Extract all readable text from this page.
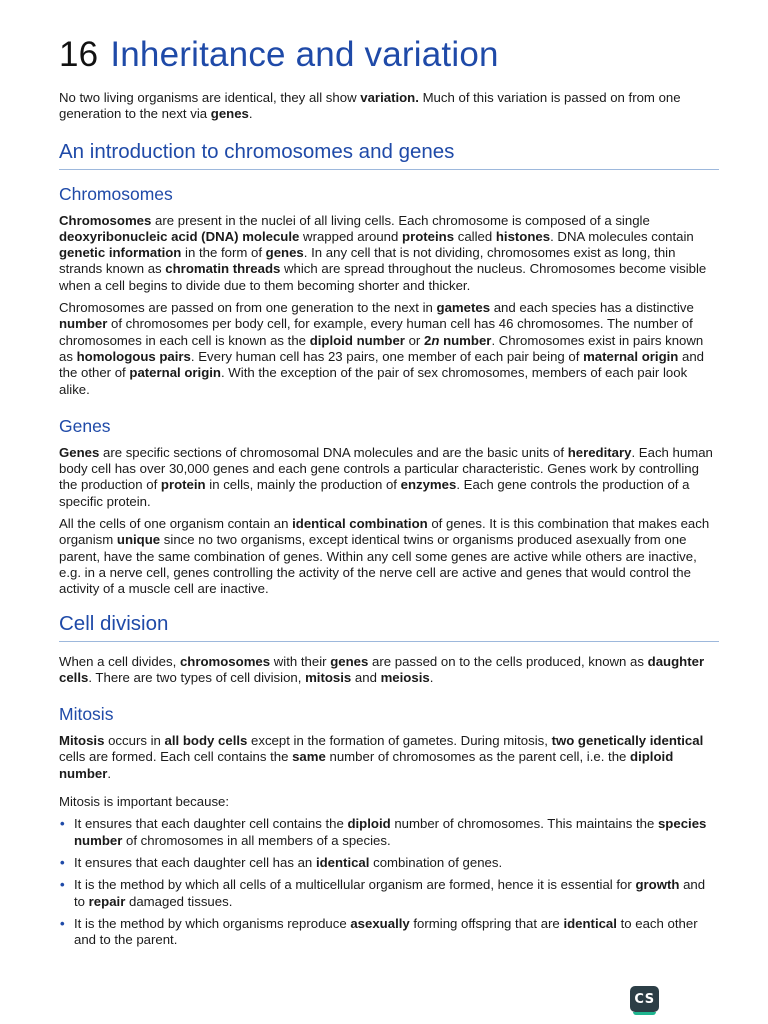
16 Inheritance and variation

No two living organisms are identical, they all show variation. Much of this variation is passed on from one generation to the next via genes.

An introduction to chromosomes and genes
Chromosomes

Chromosomes are present in the nuclei of all living cells. Each chromosome is composed of a single deoxyribonucleic acid (DNA) molecule wrapped around proteins called histones. DNA molecules contain genetic information in the form of genes. In any cell that is not dividing, chromosomes exist as long, thin strands known as chromatin threads which are spread throughout the nucleus. Chromosomes become visible when a cell begins to divide due to them becoming shorter and thicker.

Chromosomes are passed on from one generation to the next in gametes and each species has a distinctive number of chromosomes per body cell, for example, every human cell has 46 chromosomes. The number of chromosomes in each cell is known as the diploid number or 2n number. Chromosomes exist in pairs known as homologous pairs. Every human cell has 23 pairs, one member of each pair being of maternal origin and the other of paternal origin. With the exception of the pair of sex chromosomes, members of each pair look alike.

Genes

Genes are specific sections of chromosomal DNA molecules and are the basic units of hereditary. Each human body cell has over 30,000 genes and each gene controls a particular characteristic. Genes work by controlling the production of protein in cells, mainly the production of enzymes. Each gene controls the production of a specific protein.

All the cells of one organism contain an identical combination of genes. It is this combination that makes each organism unique since no two organisms, except identical twins or organisms produced asexually from one parent, have the same combination of genes. Within any cell some genes are active while others are inactive, e.g. in a nerve cell, genes controlling the activity of the nerve cell are active and genes that would control the activity of a muscle cell are inactive.

Cell division

When a cell divides, chromosomes with their genes are passed on to the cells produced, known as daughter cells. There are two types of cell division, mitosis and meiosis.

Mitosis

Mitosis occurs in all body cells except in the formation of gametes. During mitosis, two genetically identical cells are formed. Each cell contains the same number of chromosomes as the parent cell, i.e. the diploid number.

Mitosis is important because:

• It ensures that each daughter cell contains the diploid number of chromosomes. This maintains the species number of chromosomes in all members of a species.
• It ensures that each daughter cell has an identical combination of genes.
• It is the method by which all cells of a multicellular organism are formed, hence it is essential for growth and to repair damaged tissues.
• It is the method by which organisms reproduce asexually forming offspring that are identical to each other and to the parent.
CS
